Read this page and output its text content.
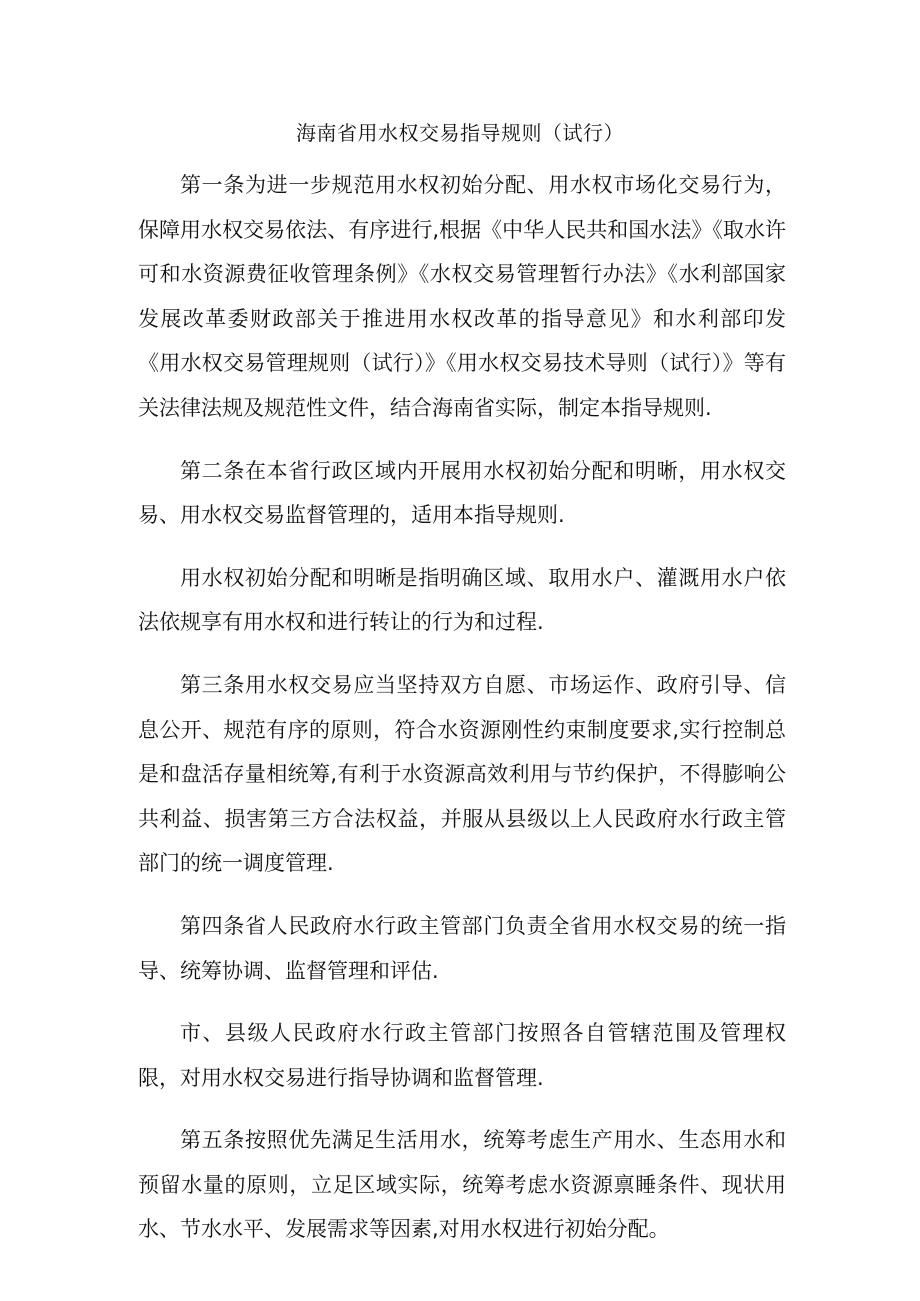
海南省用水权交易指导规则（试行）

第一条为进一步规范用水权初始分配、用水权市场化交易行为，保障用水权交易依法、有序进行,根据《中华人民共和国水法》《取水许可和水资源费征收管理条例》《水权交易管理暂行办法》《水利部国家发展改革委财政部关于推进用水权改革的指导意见》和水利部印发《用水权交易管理规则（试行）》《用水权交易技术导则（试行）》等有关法律法规及规范性文件，结合海南省实际，制定本指导规则.

第二条在本省行政区域内开展用水权初始分配和明晰，用水权交易、用水权交易监督管理的，适用本指导规则.

用水权初始分配和明晰是指明确区域、取用水户、灌溉用水户依法依规享有用水权和进行转让的行为和过程.

第三条用水权交易应当坚持双方自愿、市场运作、政府引导、信息公开、规范有序的原则，符合水资源刚性约束制度要求,实行控制总是和盘活存量相统筹,有利于水资源高效利用与节约保护，不得膨响公共利益、损害第三方合法权益，并服从县级以上人民政府水行政主管部门的统一调度管理.

第四条省人民政府水行政主管部门负责全省用水权交易的统一指导、统筹协调、监督管理和评估.

市、县级人民政府水行政主管部门按照各自管辖范围及管理权限，对用水权交易进行指导协调和监督管理.

第五条按照优先满足生活用水，统筹考虑生产用水、生态用水和预留水量的原则，立足区域实际，统筹考虑水资源禀睡条件、现状用水、节水水平、发展需求等因素,对用水权进行初始分配。
